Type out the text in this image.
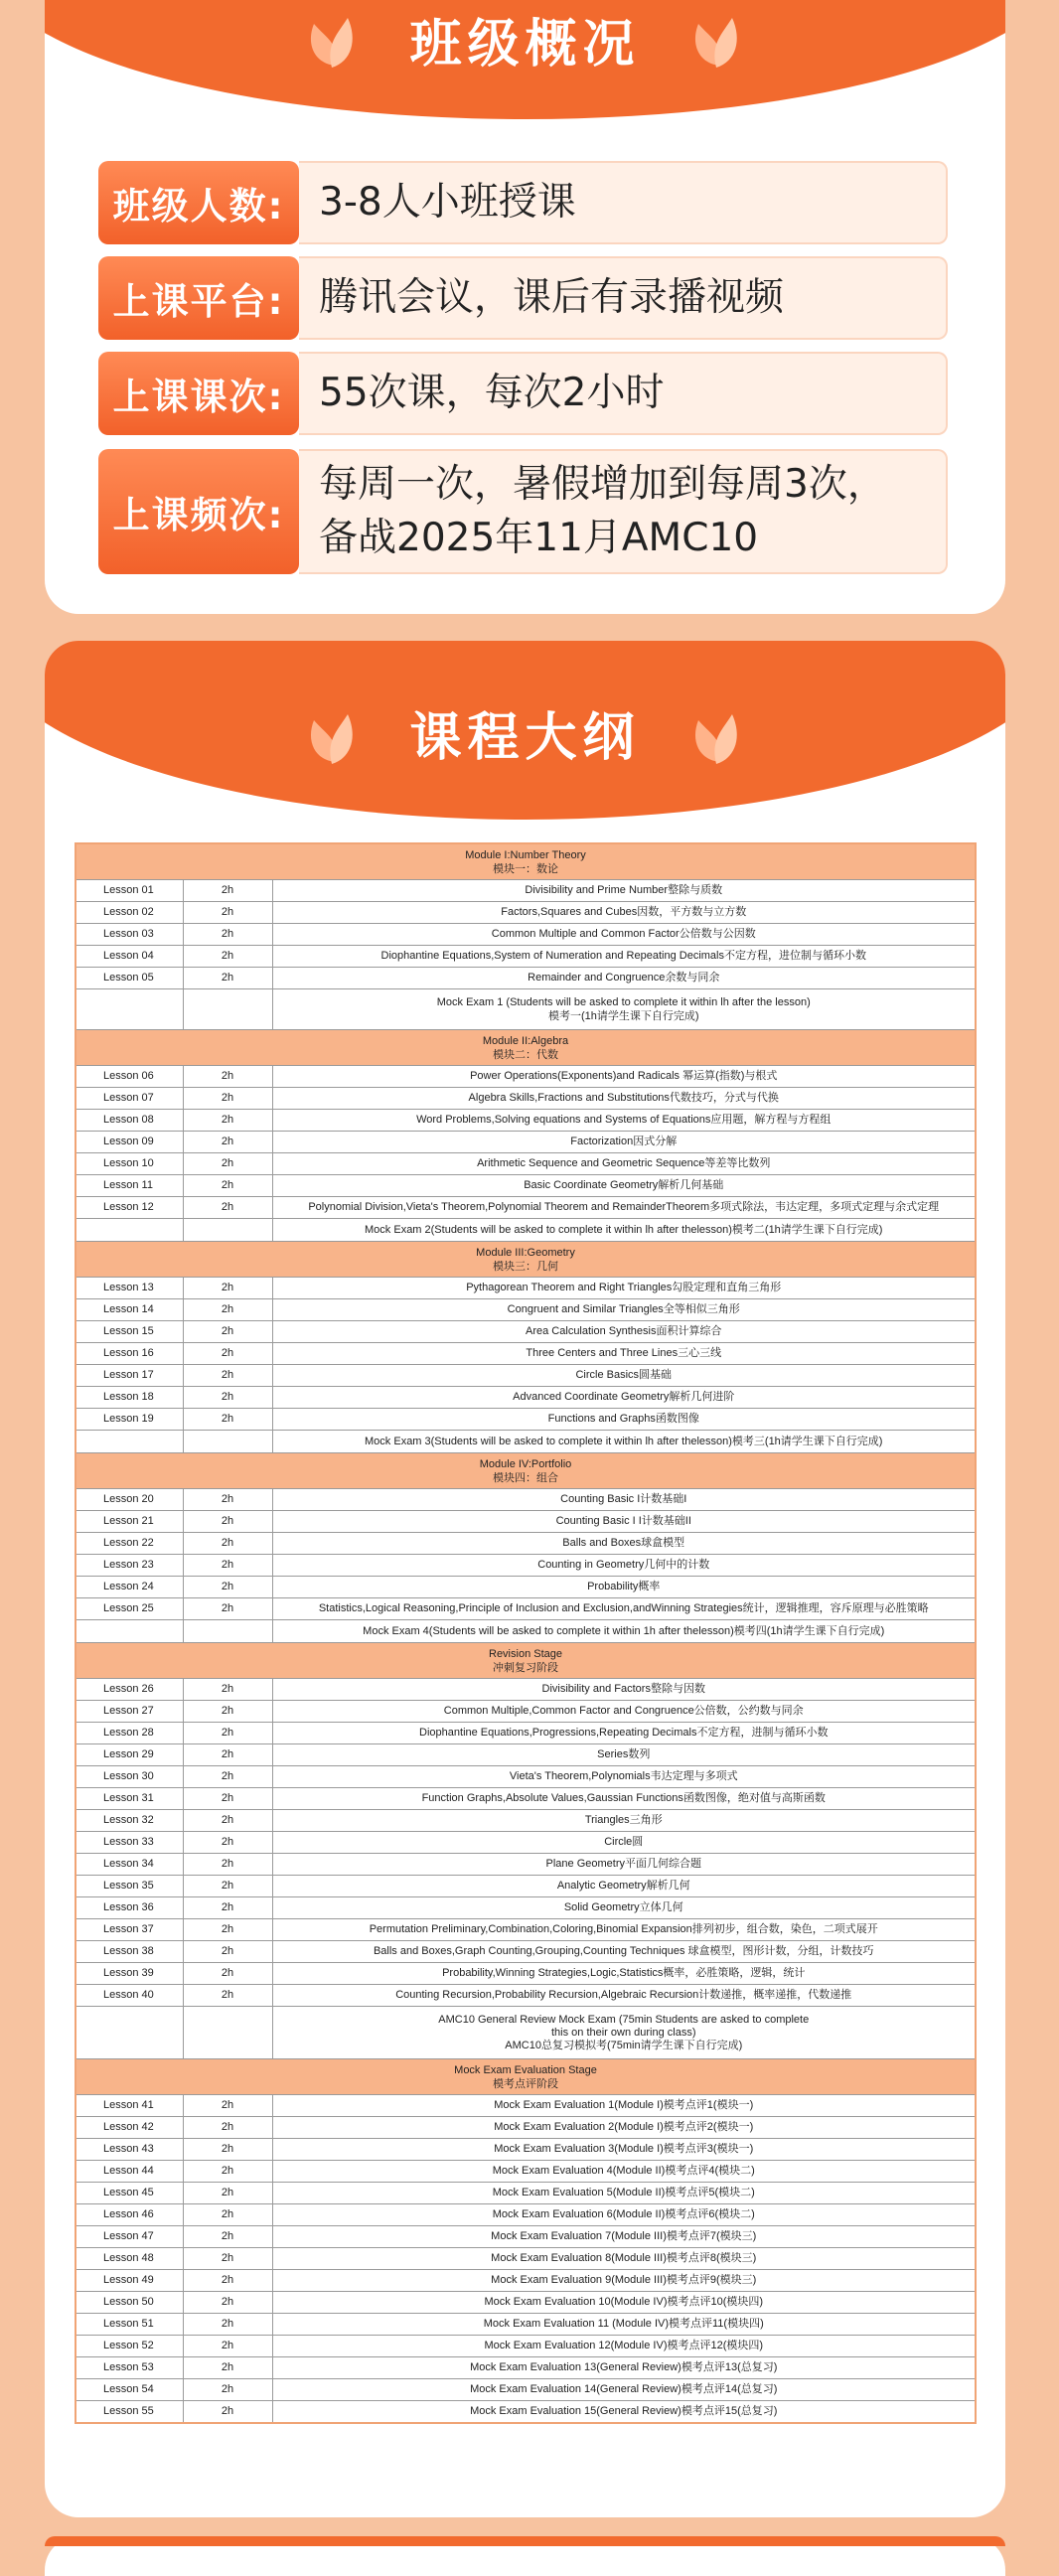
班级概况
班级人数: 3-8人小班授课
上课平台: 腾讯会议，课后有录播视频
上课课次: 55次课，每次2小时
上课频次:
每周一次，暑假增加到每周3次，
备战2025年11月AMC10
课程大纲
Module I:Number Theory
模块一：数论		
Lesson 01	2h	Divisibility and Prime Number整除与质数
Lesson 02	2h	Factors,Squares and Cubes因数，平方数与立方数
Lesson 03	2h	Common Multiple and Common Factor公倍数与公因数
Lesson 04	2h	Diophantine Equations,System of Numeration and Repeating Decimals不定方程，进位制与循环小数
Lesson 05	2h	Remainder and Congruence余数与同余
		Mock Exam 1 (Students will be asked to complete it within lh after the lesson)
模考一(1h请学生课下自行完成)
Module II:Algebra
模块二：代数		
Lesson 06	2h	Power Operations(Exponents)and Radicals 幂运算(指数)与根式
Lesson 07	2h	Algebra Skills,Fractions and Substitutions代数技巧，分式与代换
Lesson 08	2h	Word Problems,Solving equations and Systems of Equations应用题，解方程与方程组
Lesson 09	2h	Factorization因式分解
Lesson 10	2h	Arithmetic Sequence and Geometric Sequence等差等比数列
Lesson 11	2h	Basic Coordinate Geometry解析几何基础
Lesson 12	2h	Polynomial Division,Vieta's Theorem,Polynomial Theorem and RemainderTheorem多项式除法，韦达定理，多项式定理与余式定理
		Mock Exam 2(Students will be asked to complete it within lh after thelesson)模考二(1h请学生课下自行完成)
Module III:Geometry
模块三：几何		
Lesson 13	2h	Pythagorean Theorem and Right Triangles勾股定理和直角三角形
Lesson 14	2h	Congruent and Similar Triangles全等相似三角形
Lesson 15	2h	Area Calculation Synthesis面积计算综合
Lesson 16	2h	Three Centers and Three Lines三心三线
Lesson 17	2h	Circle Basics圆基础
Lesson 18	2h	Advanced Coordinate Geometry解析几何进阶
Lesson 19	2h	Functions and Graphs函数图像
		Mock Exam 3(Students will be asked to complete it within lh after thelesson)模考三(1h请学生课下自行完成)
Module IV:Portfolio
模块四：组合		
Lesson 20	2h	Counting Basic I计数基础I
Lesson 21	2h	Counting Basic I I计数基础II
Lesson 22	2h	Balls and Boxes球盒模型
Lesson 23	2h	Counting in Geometry几何中的计数
Lesson 24	2h	Probability概率
Lesson 25	2h	Statistics,Logical Reasoning,Principle of Inclusion and Exclusion,andWinning Strategies统计，逻辑推理，容斥原理与必胜策略
		Mock Exam 4(Students will be asked to complete it within 1h after thelesson)模考四(1h请学生课下自行完成)
Revision Stage
冲刺复习阶段		
Lesson 26	2h	Divisibility and Factors整除与因数
Lesson 27	2h	Common Multiple,Common Factor and Congruence公倍数，公约数与同余
Lesson 28	2h	Diophantine Equations,Progressions,Repeating Decimals不定方程，进制与循环小数
Lesson 29	2h	Series数列
Lesson 30	2h	Vieta's Theorem,Polynomials韦达定理与多项式
Lesson 31	2h	Function Graphs,Absolute Values,Gaussian Functions函数图像，绝对值与高斯函数
Lesson 32	2h	Triangles三角形
Lesson 33	2h	Circle圆
Lesson 34	2h	Plane Geometry平面几何综合题
Lesson 35	2h	Analytic Geometry解析几何
Lesson 36	2h	Solid Geometry立体几何
Lesson 37	2h	Permutation Preliminary,Combination,Coloring,Binomial Expansion排列初步，组合数，染色，二项式展开
Lesson 38	2h	Balls and Boxes,Graph Counting,Grouping,Counting Techniques 球盒模型，图形计数，分组，计数技巧
Lesson 39	2h	Probability,Winning Strategies,Logic,Statistics概率，必胜策略，逻辑，统计
Lesson 40	2h	Counting Recursion,Probability Recursion,Algebraic Recursion计数递推，概率递推，代数递推
		AMC10 General Review Mock Exam (75min Students are asked to complete
this on their own during class)
AMC10总复习模拟考(75min请学生课下自行完成)
Mock Exam Evaluation Stage
模考点评阶段		
Lesson 41	2h	Mock Exam Evaluation 1(Module I)模考点评1(模块一)
Lesson 42	2h	Mock Exam Evaluation 2(Module I)模考点评2(模块一)
Lesson 43	2h	Mock Exam Evaluation 3(Module I)模考点评3(模块一)
Lesson 44	2h	Mock Exam Evaluation 4(Module II)模考点评4(模块二)
Lesson 45	2h	Mock Exam Evaluation 5(Module II)模考点评5(模块二)
Lesson 46	2h	Mock Exam Evaluation 6(Module II)模考点评6(模块二)
Lesson 47	2h	Mock Exam Evaluation 7(Module III)模考点评7(模块三)
Lesson 48	2h	Mock Exam Evaluation 8(Module III)模考点评8(模块三)
Lesson 49	2h	Mock Exam Evaluation 9(Module III)模考点评9(模块三)
Lesson 50	2h	Mock Exam Evaluation 10(Module IV)模考点评10(模块四)
Lesson 51	2h	Mock Exam Evaluation 11 (Module IV)模考点评11(模块四)
Lesson 52	2h	Mock Exam Evaluation 12(Module IV)模考点评12(模块四)
Lesson 53	2h	Mock Exam Evaluation 13(General Review)模考点评13(总复习)
Lesson 54	2h	Mock Exam Evaluation 14(General Review)模考点评14(总复习)
Lesson 55	2h	Mock Exam Evaluation 15(General Review)模考点评15(总复习)
